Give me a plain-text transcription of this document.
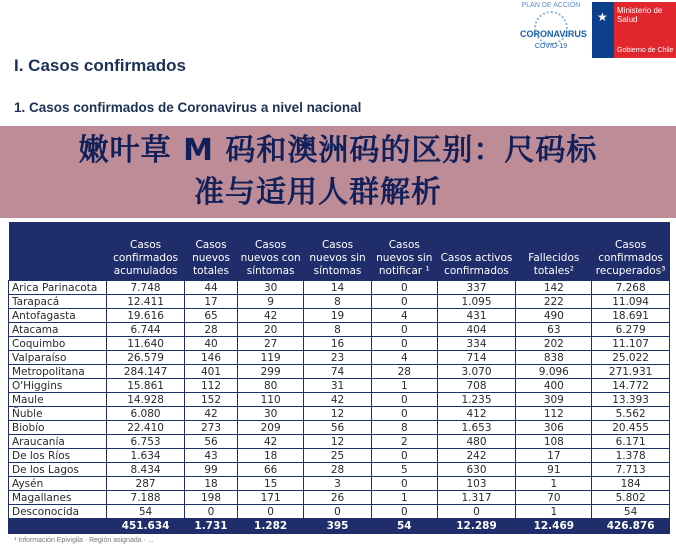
PLAN DE ACCIÓN
CORONAVIRUS
COVID-19
★ Ministerio de Salud
Gobierno de Chile
I. Casos confirmados
1. Casos confirmados de Coronavirus a nivel nacional
嫩叶草 M 码和澳洲码的区别：尺码标
准与适用人群解析
	Casos confirmados acumulados	Casos nuevos totales	Casos nuevos con síntomas	Casos nuevos sin síntomas	Casos nuevos sin notificar ¹	Casos activos confirmados	Fallecidos totales²	Casos confirmados recuperados³
Arica Parinacota	7.748	44	30	14	0	337	142	7.268
Tarapacá	12.411	17	9	8	0	1.095	222	11.094
Antofagasta	19.616	65	42	19	4	431	490	18.691
Atacama	6.744	28	20	8	0	404	63	6.279
Coquimbo	11.640	40	27	16	0	334	202	11.107
Valparaíso	26.579	146	119	23	4	714	838	25.022
Metropolitana	284.147	401	299	74	28	3.070	9.096	271.931
O'Higgins	15.861	112	80	31	1	708	400	14.772
Maule	14.928	152	110	42	0	1.235	309	13.393
Ñuble	6.080	42	30	12	0	412	112	5.562
Biobío	22.410	273	209	56	8	1.653	306	20.455
Araucanía	6.753	56	42	12	2	480	108	6.171
De los Ríos	1.634	43	18	25	0	242	17	1.378
De los Lagos	8.434	99	66	28	5	630	91	7.713
Aysén	287	18	15	3	0	103	1	184
Magallanes	7.188	198	171	26	1	1.317	70	5.802
Desconocida	54	0	0	0	0	0	1	54
	451.634	1.731	1.282	395	54	12.289	12.469	426.876
¹ Información Epivigila · Región asignada · ...
